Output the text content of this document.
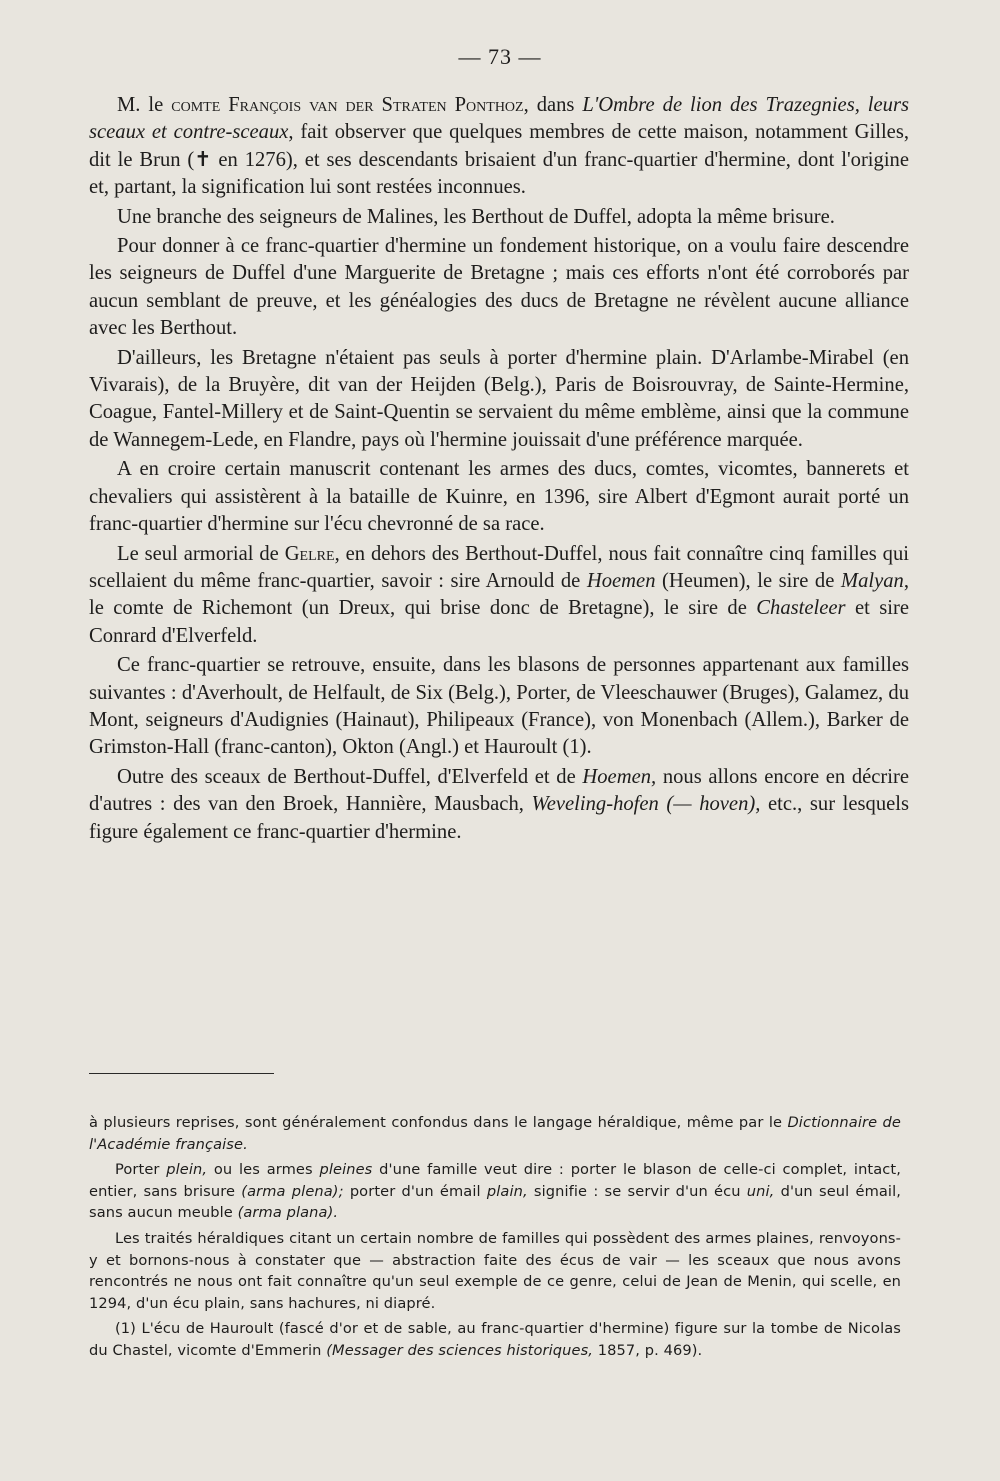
— 73 —

M. le comte François van der Straten Ponthoz, dans L'Ombre de lion des Trazegnies, leurs sceaux et contre-sceaux, fait observer que quelques membres de cette maison, notamment Gilles, dit le Brun (✝ en 1276), et ses descendants brisaient d'un franc-quartier d'hermine, dont l'origine et, partant, la signification lui sont restées inconnues.

Une branche des seigneurs de Malines, les Berthout de Duffel, adopta la même brisure.

Pour donner à ce franc-quartier d'hermine un fondement historique, on a voulu faire descendre les seigneurs de Duffel d'une Marguerite de Bretagne ; mais ces efforts n'ont été corroborés par aucun semblant de preuve, et les généalogies des ducs de Bretagne ne révèlent aucune alliance avec les Berthout.

D'ailleurs, les Bretagne n'étaient pas seuls à porter d'hermine plain. D'Arlambe-Mirabel (en Vivarais), de la Bruyère, dit van der Heijden (Belg.), Paris de Boisrouvray, de Sainte-Hermine, Coague, Fantel-Millery et de Saint-Quentin se servaient du même emblème, ainsi que la commune de Wannegem-Lede, en Flandre, pays où l'hermine jouissait d'une préférence marquée.

A en croire certain manuscrit contenant les armes des ducs, comtes, vicomtes, bannerets et chevaliers qui assistèrent à la bataille de Kuinre, en 1396, sire Albert d'Egmont aurait porté un franc-quartier d'hermine sur l'écu chevronné de sa race.

Le seul armorial de Gelre, en dehors des Berthout-Duffel, nous fait connaître cinq familles qui scellaient du même franc-quartier, savoir : sire Arnould de Hoemen (Heumen), le sire de Malyan, le comte de Richemont (un Dreux, qui brise donc de Bretagne), le sire de Chasteleer et sire Conrard d'Elverfeld.

Ce franc-quartier se retrouve, ensuite, dans les blasons de personnes appartenant aux familles suivantes : d'Averhoult, de Helfault, de Six (Belg.), Porter, de Vleeschauwer (Bruges), Galamez, du Mont, seigneurs d'Audignies (Hainaut), Philipeaux (France), von Monenbach (Allem.), Barker de Grimston-Hall (franc-canton), Okton (Angl.) et Hauroult (1).

Outre des sceaux de Berthout-Duffel, d'Elverfeld et de Hoemen, nous allons encore en décrire d'autres : des van den Broek, Hannière, Mausbach, Weveling-hofen (— hoven), etc., sur lesquels figure également ce franc-quartier d'hermine.

à plusieurs reprises, sont généralement confondus dans le langage héraldique, même par le Dictionnaire de l'Académie française.

Porter plein, ou les armes pleines d'une famille veut dire : porter le blason de celle-ci complet, intact, entier, sans brisure (arma plena); porter d'un émail plain, signifie : se servir d'un écu uni, d'un seul émail, sans aucun meuble (arma plana).

Les traités héraldiques citant un certain nombre de familles qui possèdent des armes plaines, renvoyons-y et bornons-nous à constater que — abstraction faite des écus de vair — les sceaux que nous avons rencontrés ne nous ont fait connaître qu'un seul exemple de ce genre, celui de Jean de Menin, qui scelle, en 1294, d'un écu plain, sans hachures, ni diapré.

(1) L'écu de Hauroult (fascé d'or et de sable, au franc-quartier d'hermine) figure sur la tombe de Nicolas du Chastel, vicomte d'Emmerin (Messager des sciences historiques, 1857, p. 469).
